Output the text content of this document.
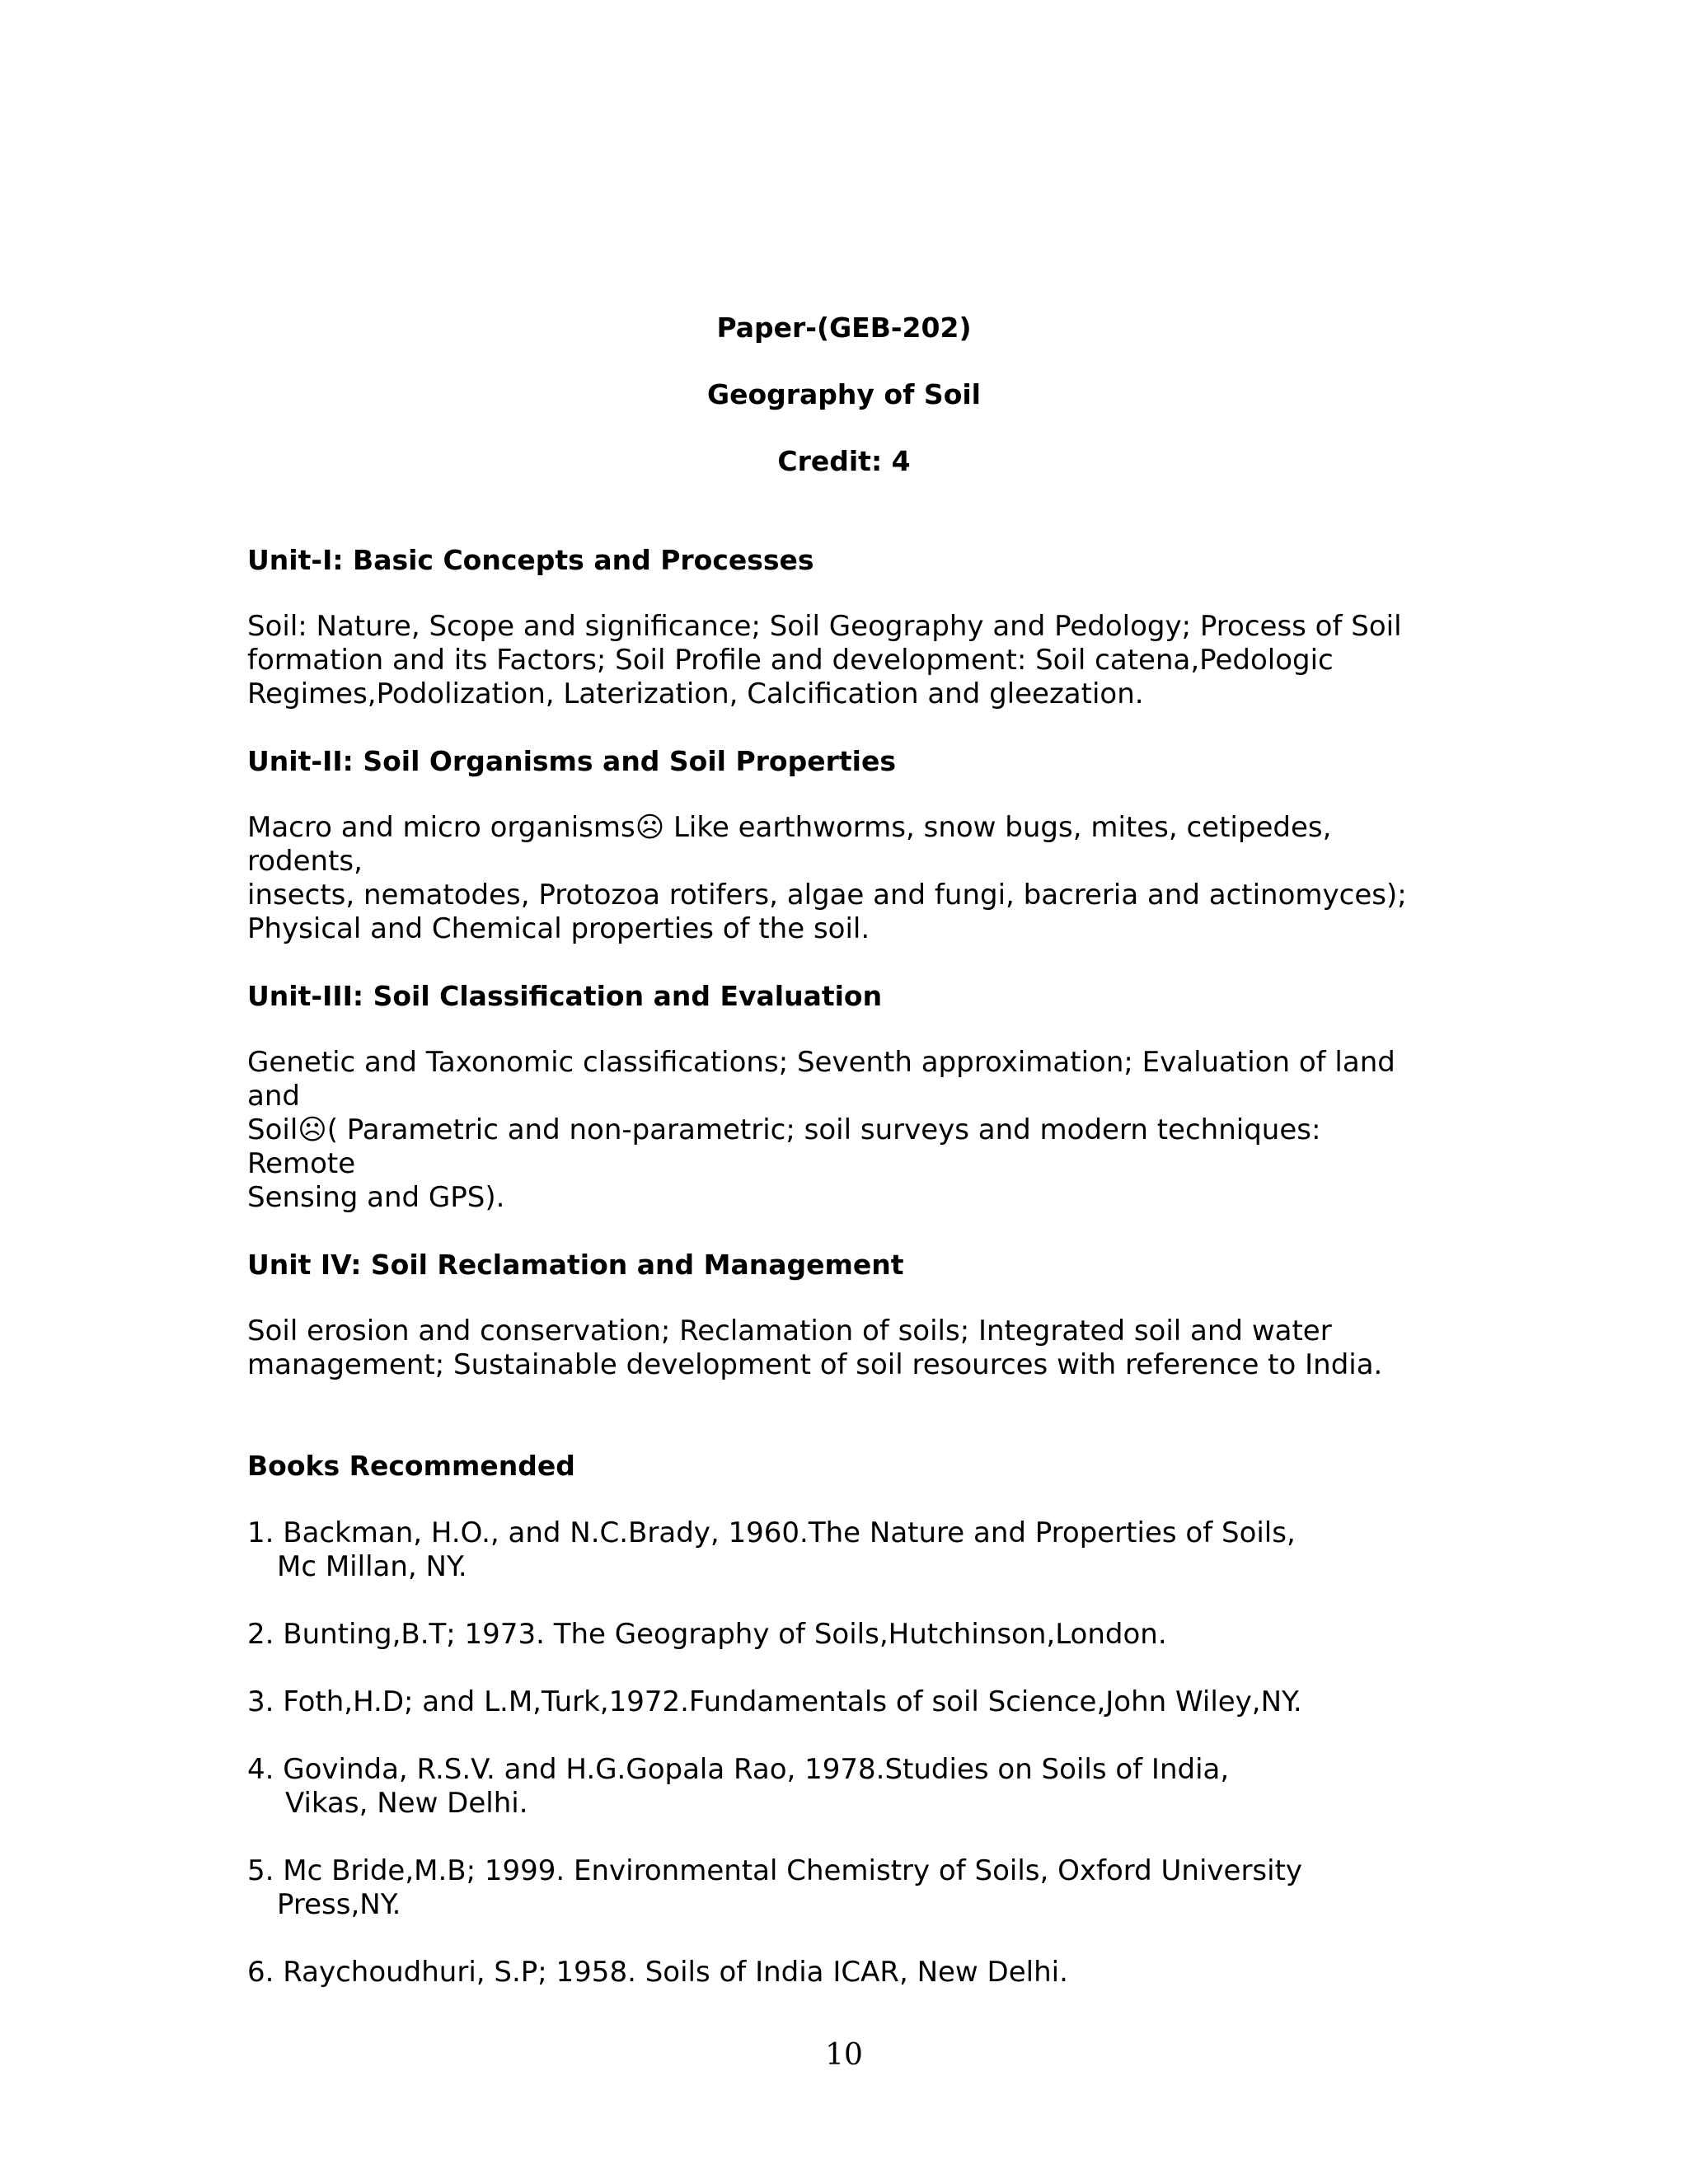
Paper-(GEB-202)
Geography of Soil
Credit: 4

Unit-I: Basic Concepts and Processes

Soil: Nature, Scope and significance; Soil Geography and Pedology; Process of Soil
formation and its Factors; Soil Profile and development: Soil catena,Pedologic
Regimes,Podolization, Laterization, Calcification and gleezation.

Unit-II: Soil Organisms and Soil Properties

Macro and micro organisms☹ Like earthworms, snow bugs, mites, cetipedes, rodents,
insects, nematodes, Protozoa rotifers, algae and fungi, bacreria and actinomyces);
Physical and Chemical properties of the soil.

Unit-III: Soil Classification and Evaluation

Genetic and Taxonomic classifications; Seventh approximation; Evaluation of land and
Soil☹( Parametric and non-parametric; soil surveys and modern techniques: Remote
Sensing and GPS).

Unit IV: Soil Reclamation and Management

Soil erosion and conservation; Reclamation of soils; Integrated soil and water
management; Sustainable development of soil resources with reference to India.

Books Recommended

1. Backman, H.O., and N.C.Brady, 1960.The Nature and Properties of Soils,
Mc Millan, NY.
2. Bunting,B.T; 1973. The Geography of Soils,Hutchinson,London.
3. Foth,H.D; and L.M,Turk,1972.Fundamentals of soil Science,John Wiley,NY.
4. Govinda, R.S.V. and H.G.Gopala Rao, 1978.Studies on Soils of India,
Vikas, New Delhi.
5. Mc Bride,M.B; 1999. Environmental Chemistry of Soils, Oxford University
Press,NY.
6. Raychoudhuri, S.P; 1958. Soils of India ICAR, New Delhi.
10
